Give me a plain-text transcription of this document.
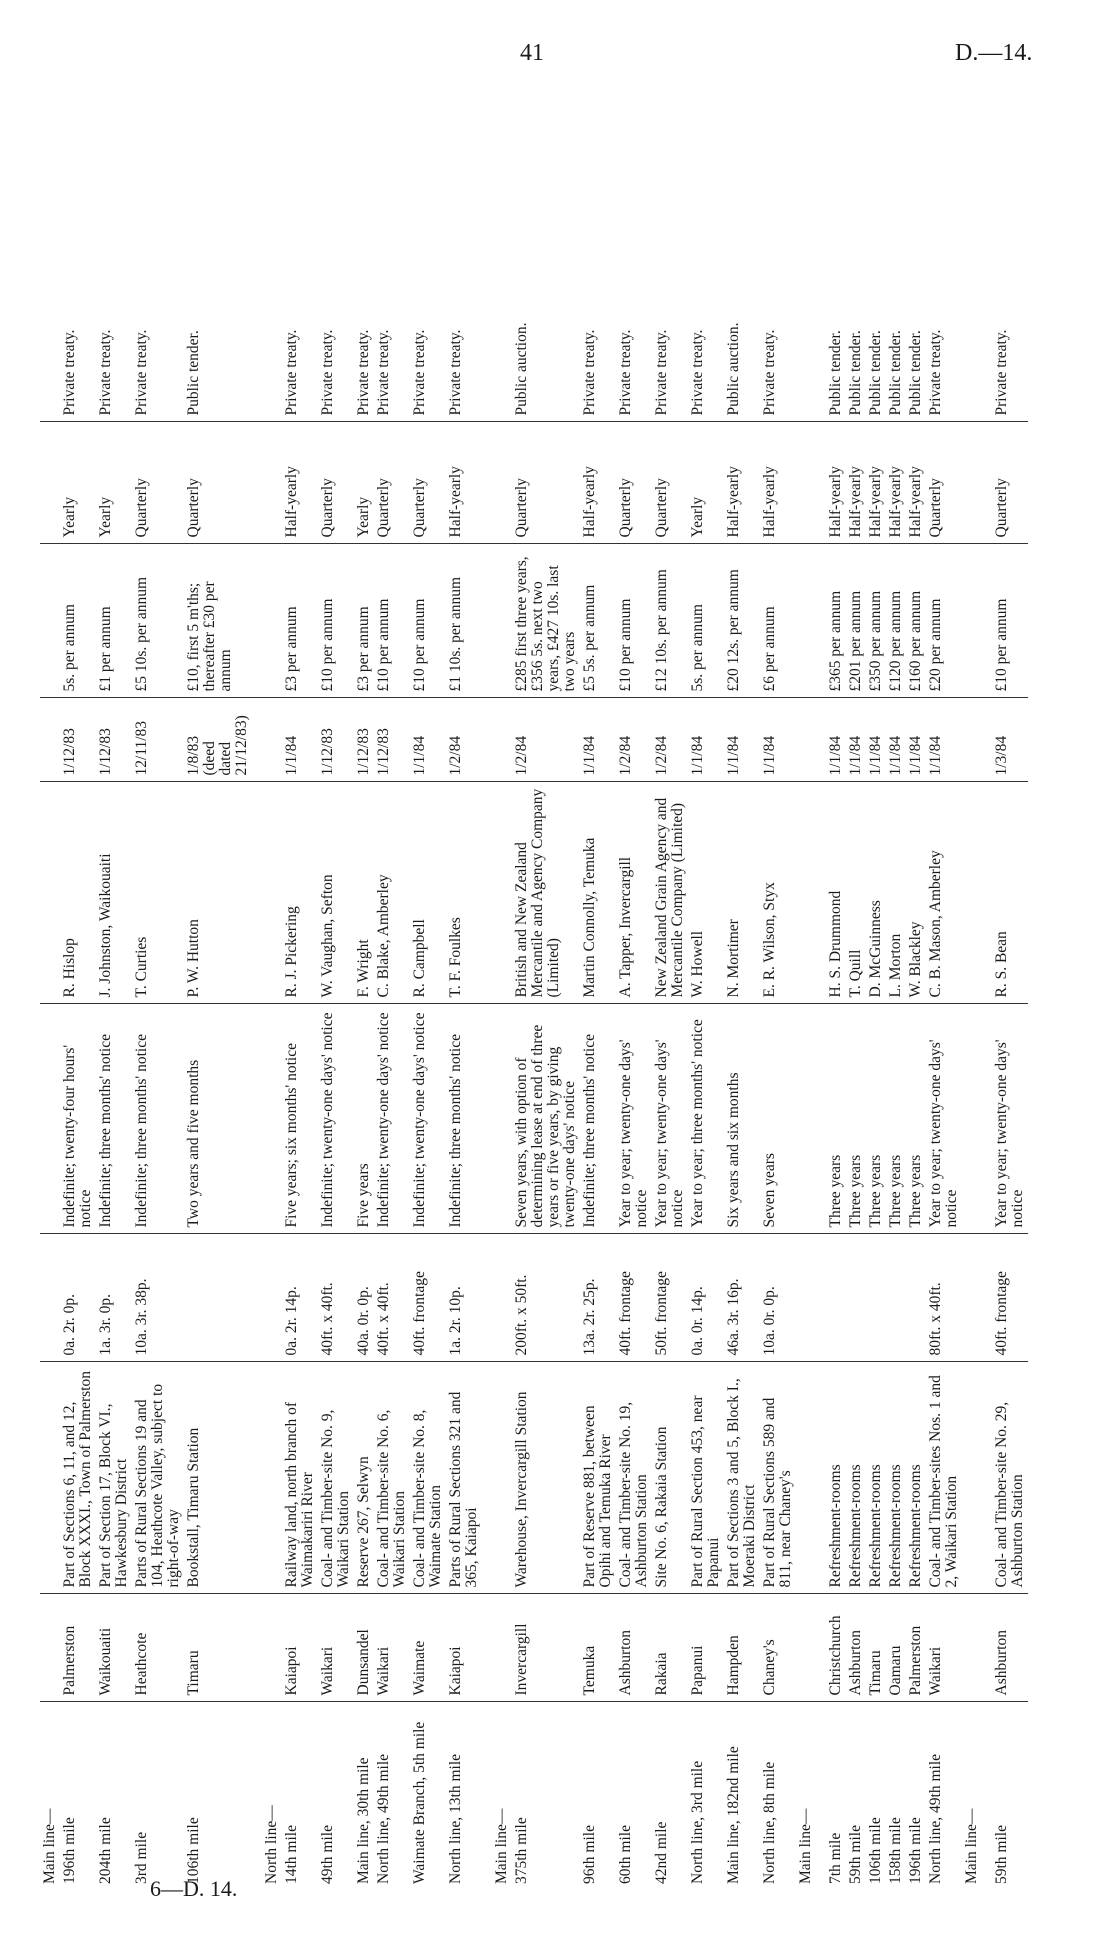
41	D.—14.
Main line—									
196th mile	Palmerston	Part of Sections 6, 11, and 12, Block XXXI., Town of Palmerston	0a. 2r. 0p.	Indefinite; twenty-four hours' notice	R. Hislop	1/12/83	5s. per annum	Yearly	Private treaty.
204th mile	Waikouaiti	Part of Section 17, Block VI., Hawkesbury District	1a. 3r. 0p.	Indefinite; three months' notice	J. Johnston, Waikouaiti	1/12/83	£1 per annum	Yearly	Private treaty.
3rd mile	Heathcote	Parts of Rural Sections 19 and 104, Heathcote Valley, subject to right-of-way	10a. 3r. 38p.	Indefinite; three months' notice	T. Curties	12/11/83	£5 10s. per annum	Quarterly	Private treaty.
106th mile	Timaru	Bookstall, Timaru Station		Two years and five months	P. W. Hutton	1/8/83 (deed dated 21/12/83)	£10, first 5 m'ths; thereafter £30 per annum	Quarterly	Public tender.

North line—									
14th mile	Kaiapoi	Railway land, north branch of Waimakariri River	0a. 2r. 14p.	Five years; six months' notice	R. J. Pickering	1/1/84	£3 per annum	Half-yearly	Private treaty.
49th mile	Waikari	Coal- and Timber-site No. 9, Waikari Station	40ft. x 40ft.	Indefinite; twenty-one days' notice	W. Vaughan, Sefton	1/12/83	£10 per annum	Quarterly	Private treaty.
Main line, 30th mile	Dunsandel	Reserve 267, Selwyn	40a. 0r. 0p.	Five years	F. Wright	1/12/83	£3 per annum	Yearly	Private treaty.
North line, 49th mile	Waikari	Coal- and Timber-site No. 6, Waikari Station	40ft. x 40ft.	Indefinite; twenty-one days' notice	C. Blake, Amberley	1/12/83	£10 per annum	Quarterly	Private treaty.
Waimate Branch, 5th mile	Waimate	Coal- and Timber-site No. 8, Waimate Station	40ft. frontage	Indefinite; twenty-one days' notice	R. Campbell	1/1/84	£10 per annum	Quarterly	Private treaty.
North line, 13th mile	Kaiapoi	Parts of Rural Sections 321 and 365, Kaiapoi	1a. 2r. 10p.	Indefinite; three months' notice	T. F. Foulkes	1/2/84	£1 10s. per annum	Half-yearly	Private treaty.

Main line—									
375th mile	Invercargill	Warehouse, Invercargill Station	200ft. x 50ft.	Seven years, with option of determining lease at end of three years or five years, by giving twenty-one days' notice	British and New Zealand Mercantile and Agency Company (Limited)	1/2/84	£285 first three years, £356 5s. next two years, £427 10s. last two years	Quarterly	Public auction.
96th mile	Temuka	Part of Reserve 881, between Opihi and Temuka River	13a. 2r. 25p.	Indefinite; three months' notice	Martin Connolly, Temuka	1/1/84	£5 5s. per annum	Half-yearly	Private treaty.
60th mile	Ashburton	Coal- and Timber-site No. 19, Ashburton Station	40ft. frontage	Year to year; twenty-one days' notice	A. Tapper, Invercargill	1/2/84	£10 per annum	Quarterly	Private treaty.
42nd mile	Rakaia	Site No. 6, Rakaia Station	50ft. frontage	Year to year; twenty-one days' notice	New Zealand Grain Agency and Mercantile Company (Limited)	1/2/84	£12 10s. per annum	Quarterly	Private treaty.
North line, 3rd mile	Papanui	Part of Rural Section 453, near Papanui	0a. 0r. 14p.	Year to year; three months' notice	W. Howell	1/1/84	5s. per annum	Yearly	Private treaty.
Main line, 182nd mile	Hampden	Part of Sections 3 and 5, Block I., Moeraki District	46a. 3r. 16p.	Six years and six months	N. Mortimer	1/1/84	£20 12s. per annum	Half-yearly	Public auction.
North line, 8th mile	Chaney's	Part of Rural Sections 589 and 811, near Chaney's	10a. 0r. 0p.	Seven years	E. R. Wilson, Styx	1/1/84	£6 per annum	Half-yearly	Private treaty.
Main line—									

7th mile	Christchurch	Refreshment-rooms		Three years	H. S. Drummond	1/1/84	£365 per annum	Half-yearly	Public tender.
59th mile	Ashburton	Refreshment-rooms		Three years	T. Quill	1/1/84	£201 per annum	Half-yearly	Public tender.
106th mile	Timaru	Refreshment-rooms		Three years	D. McGuinness	1/1/84	£350 per annum	Half-yearly	Public tender.
158th mile	Oamaru	Refreshment-rooms		Three years	L. Morton	1/1/84	£120 per annum	Half-yearly	Public tender.
196th mile	Palmerston	Refreshment-rooms		Three years	W. Blackley	1/1/84	£160 per annum	Half-yearly	Public tender.
North line, 49th mile	Waikari	Coal- and Timber-sites Nos. 1 and 2, Waikari Station	80ft. x 40ft.	Year to year; twenty-one days' notice	C. B. Mason, Amberley	1/1/84	£20 per annum	Quarterly	Private treaty.
Main line—									

59th mile	Ashburton	Coal- and Timber-site No. 29, Ashburton Station	40ft. frontage	Year to year; twenty-one days' notice	R. S. Bean	1/3/84	£10 per annum	Quarterly	Private treaty.
6—D. 14.
